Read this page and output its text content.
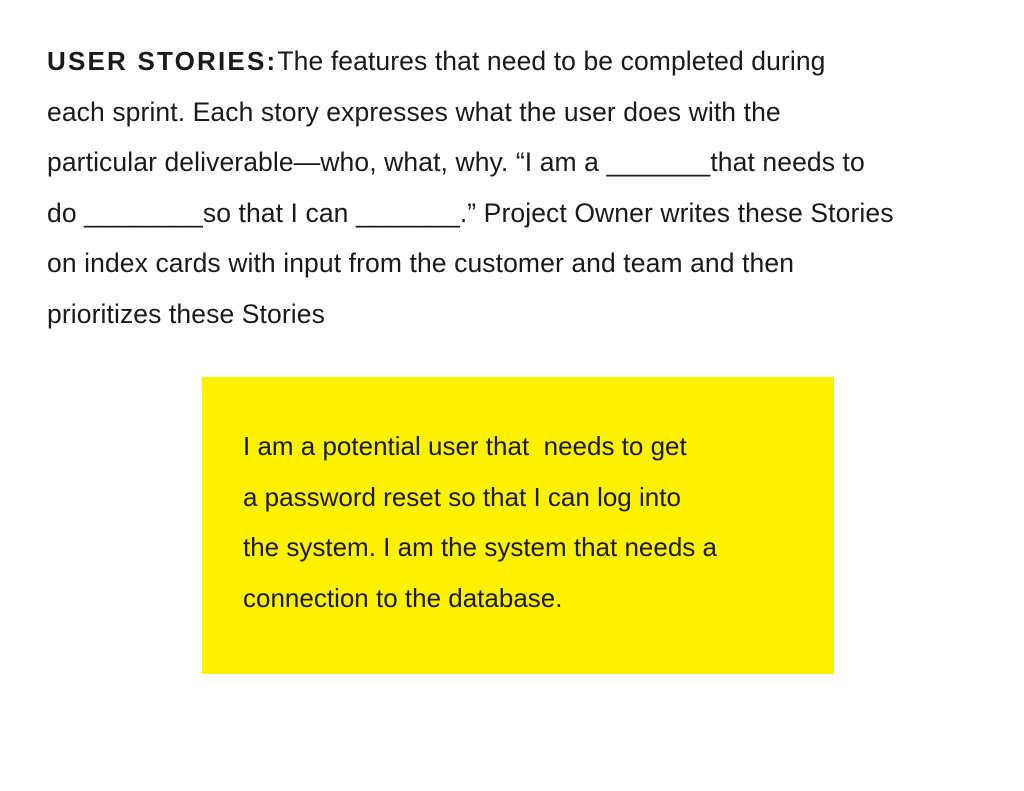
USER STORIES:The features that need to be completed during
each sprint. Each story expresses what the user does with the
particular deliverable—who, what, why. “I am a _______that needs to
do ________so that I can _______.” Project Owner writes these Stories
on index cards with input from the customer and team and then
prioritizes these Stories
I am a potential user that  needs to get
a password reset so that I can log into
the system. I am the system that needs a
connection to the database.
